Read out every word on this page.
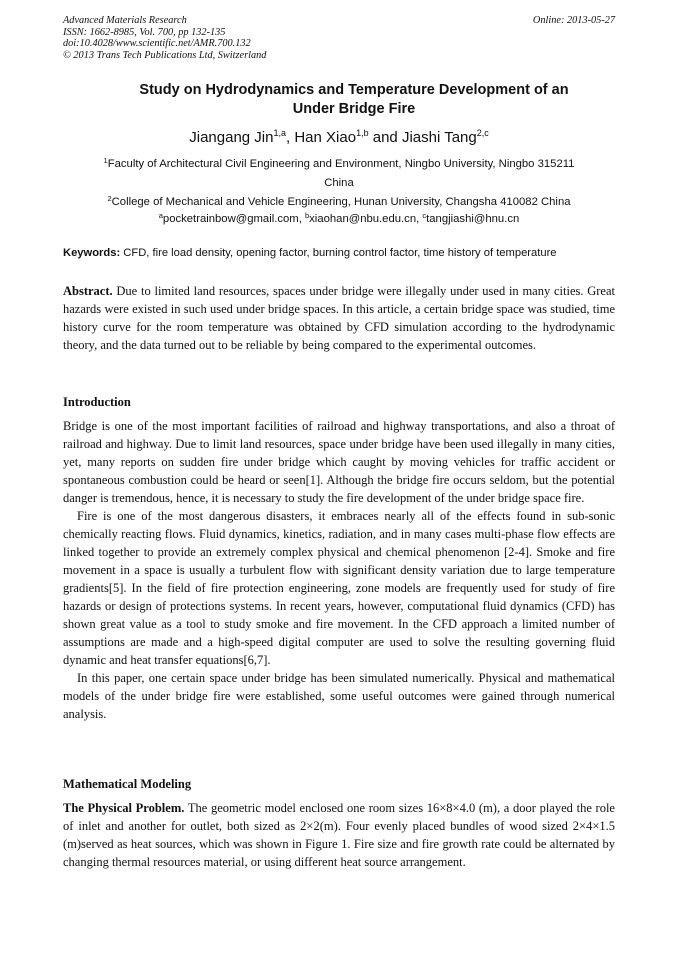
Advanced Materials Research
ISSN: 1662-8985, Vol. 700, pp 132-135
doi:10.4028/www.scientific.net/AMR.700.132
© 2013 Trans Tech Publications Ltd, Switzerland
Online: 2013-05-27
Study on Hydrodynamics and Temperature Development of an
Under Bridge Fire
Jiangang Jin$^{1,a}$, Han Xiao$^{1,b}$ and Jiashi Tang$^{2,c}$
$^1$Faculty of Architectural Civil Engineering and Environment, Ningbo University, Ningbo 315211
China
$^2$College of Mechanical and Vehicle Engineering, Hunan University, Changsha 410082 China
$^a$pocketrainbow@gmail.com, $^b$xiaohan@nbu.edu.cn, $^c$tangjiashi@hnu.cn
Keywords: CFD, fire load density, opening factor, burning control factor, time history of temperature

Abstract. Due to limited land resources, spaces under bridge were illegally under used in many cities. Great hazards were existed in such used under bridge spaces. In this article, a certain bridge space was studied, time history curve for the room temperature was obtained by CFD simulation according to the hydrodynamic theory, and the data turned out to be reliable by being compared to the experimental outcomes.

Introduction

Bridge is one of the most important facilities of railroad and highway transportations, and also a throat of railroad and highway. Due to limit land resources, space under bridge have been used illegally in many cities, yet, many reports on sudden fire under bridge which caught by moving vehicles for traffic accident or spontaneous combustion could be heard or seen[1]. Although the bridge fire occurs seldom, but the potential danger is tremendous, hence, it is necessary to study the fire development of the under bridge space fire.

Fire is one of the most dangerous disasters, it embraces nearly all of the effects found in sub-sonic chemically reacting flows. Fluid dynamics, kinetics, radiation, and in many cases multi-phase flow effects are linked together to provide an extremely complex physical and chemical phenomenon [2-4]. Smoke and fire movement in a space is usually a turbulent flow with significant density variation due to large temperature gradients[5]. In the field of fire protection engineering, zone models are frequently used for study of fire hazards or design of protections systems. In recent years, however, computational fluid dynamics (CFD) has shown great value as a tool to study smoke and fire movement. In the CFD approach a limited number of assumptions are made and a high-speed digital computer are used to solve the resulting governing fluid dynamic and heat transfer equations[6,7].

In this paper, one certain space under bridge has been simulated numerically. Physical and mathematical models of the under bridge fire were established, some useful outcomes were gained through numerical analysis.

Mathematical Modeling

The Physical Problem. The geometric model enclosed one room sizes 16×8×4.0 (m), a door played the role of inlet and another for outlet, both sized as 2×2(m). Four evenly placed bundles of wood sized 2×4×1.5 (m)served as heat sources, which was shown in Figure 1. Fire size and fire growth rate could be alternated by changing thermal resources material, or using different heat source arrangement.
